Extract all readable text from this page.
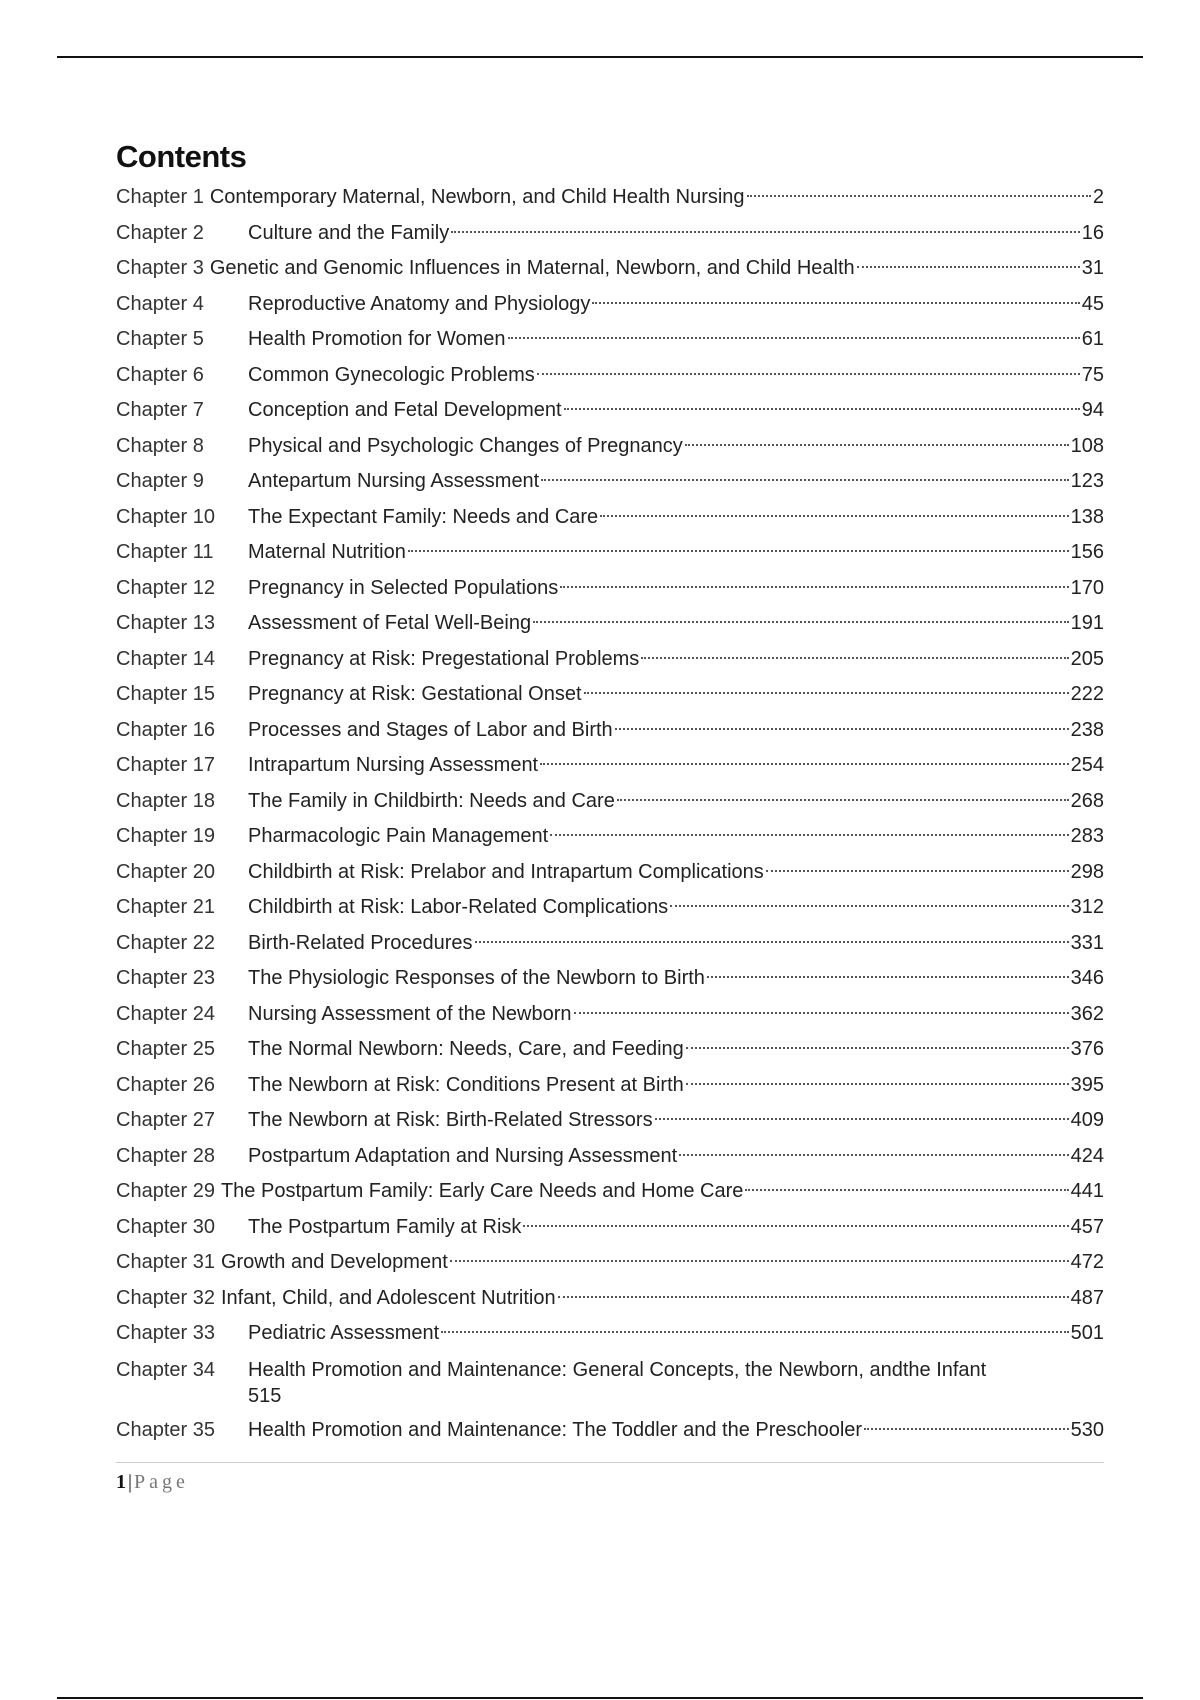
Contents
Chapter 1 Contemporary Maternal, Newborn, and Child Health Nursing	2
Chapter 2	Culture and the Family	16
Chapter 3 Genetic and Genomic Influences in Maternal, Newborn, and Child Health	31
Chapter 4	Reproductive Anatomy and Physiology	45
Chapter 5	Health Promotion for Women	61
Chapter 6	Common Gynecologic Problems	75
Chapter 7	Conception and Fetal Development	94
Chapter 8	Physical and Psychologic Changes of Pregnancy	108
Chapter 9	Antepartum Nursing Assessment	123
Chapter 10	The Expectant Family: Needs and Care	138
Chapter 11	Maternal Nutrition	156
Chapter 12	Pregnancy in Selected Populations	170
Chapter 13	Assessment of Fetal Well-Being	191
Chapter 14	Pregnancy at Risk: Pregestational Problems	205
Chapter 15	Pregnancy at Risk: Gestational Onset	222
Chapter 16	Processes and Stages of Labor and Birth	238
Chapter 17	Intrapartum Nursing Assessment	254
Chapter 18	The Family in Childbirth: Needs and Care	268
Chapter 19	Pharmacologic Pain Management	283
Chapter 20	Childbirth at Risk: Prelabor and Intrapartum Complications	298
Chapter 21	Childbirth at Risk: Labor-Related Complications	312
Chapter 22	Birth-Related Procedures	331
Chapter 23	The Physiologic Responses of the Newborn to Birth	346
Chapter 24	Nursing Assessment of the Newborn	362
Chapter 25	The Normal Newborn: Needs, Care, and Feeding	376
Chapter 26	The Newborn at Risk: Conditions Present at Birth	395
Chapter 27	The Newborn at Risk: Birth-Related Stressors	409
Chapter 28	Postpartum Adaptation and Nursing Assessment	424
Chapter 29 The Postpartum Family: Early Care Needs and Home Care	441
Chapter 30	The Postpartum Family at Risk	457
Chapter 31 Growth and Development	472
Chapter 32 Infant, Child, and Adolescent Nutrition	487
Chapter 33	Pediatric Assessment	501
Chapter 34	Health Promotion and Maintenance: General Concepts, the Newborn, andthe Infant
515
Chapter 35	Health Promotion and Maintenance: The Toddler and the Preschooler	530
1 | Page
